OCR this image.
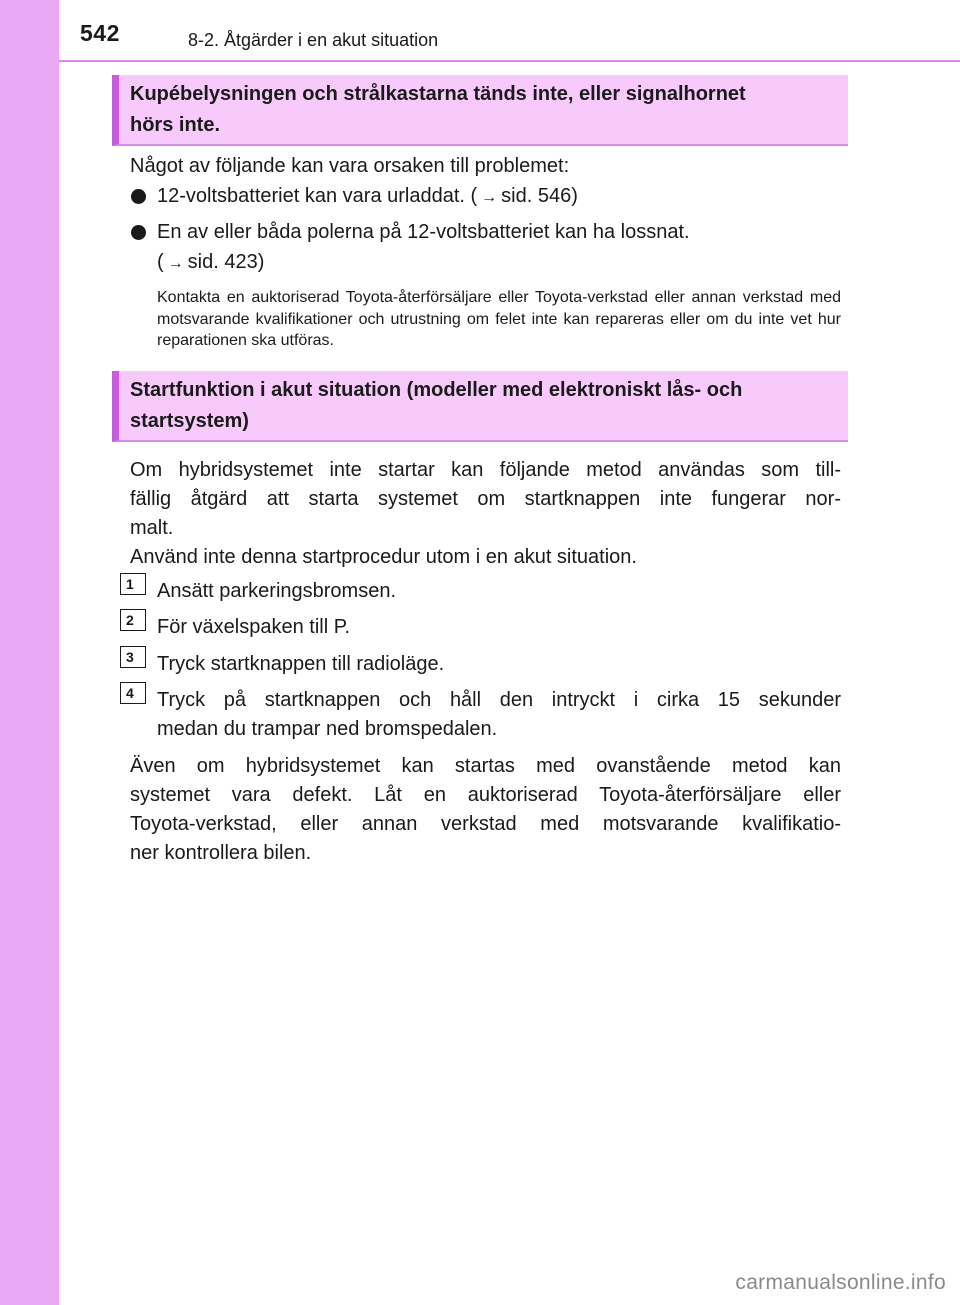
542	8-2. Åtgärder i en akut situation
Kupébelysningen och strålkastarna tänds inte, eller signalhornet
hörs inte.
Något av följande kan vara orsaken till problemet:
12-voltsbatteriet kan vara urladdat. ( → sid. 546)
En av eller båda polerna på 12-voltsbatteriet kan ha lossnat.
( → sid. 423)
Kontakta en auktoriserad Toyota-återförsäljare eller Toyota-verkstad eller annan verkstad med motsvarande kvalifikationer och utrustning om felet inte kan repareras eller om du inte vet hur reparationen ska utföras.
Startfunktion i akut situation (modeller med elektroniskt lås- och
startsystem)
Om hybridsystemet inte startar kan följande metod användas som till-
fällig åtgärd att starta systemet om startknappen inte fungerar nor-
malt.
Använd inte denna startprocedur utom i en akut situation.
1	Ansätt parkeringsbromsen.
2	För växelspaken till P.
3	Tryck startknappen till radioläge.
4	Tryck på startknappen och håll den intryckt i cirka 15 sekunder
medan du trampar ned bromspedalen.
Även om hybridsystemet kan startas med ovanstående metod kan
systemet vara defekt. Låt en auktoriserad Toyota-återförsäljare eller
Toyota-verkstad, eller annan verkstad med motsvarande kvalifikatio-
ner kontrollera bilen.
carmanualsonline.info
